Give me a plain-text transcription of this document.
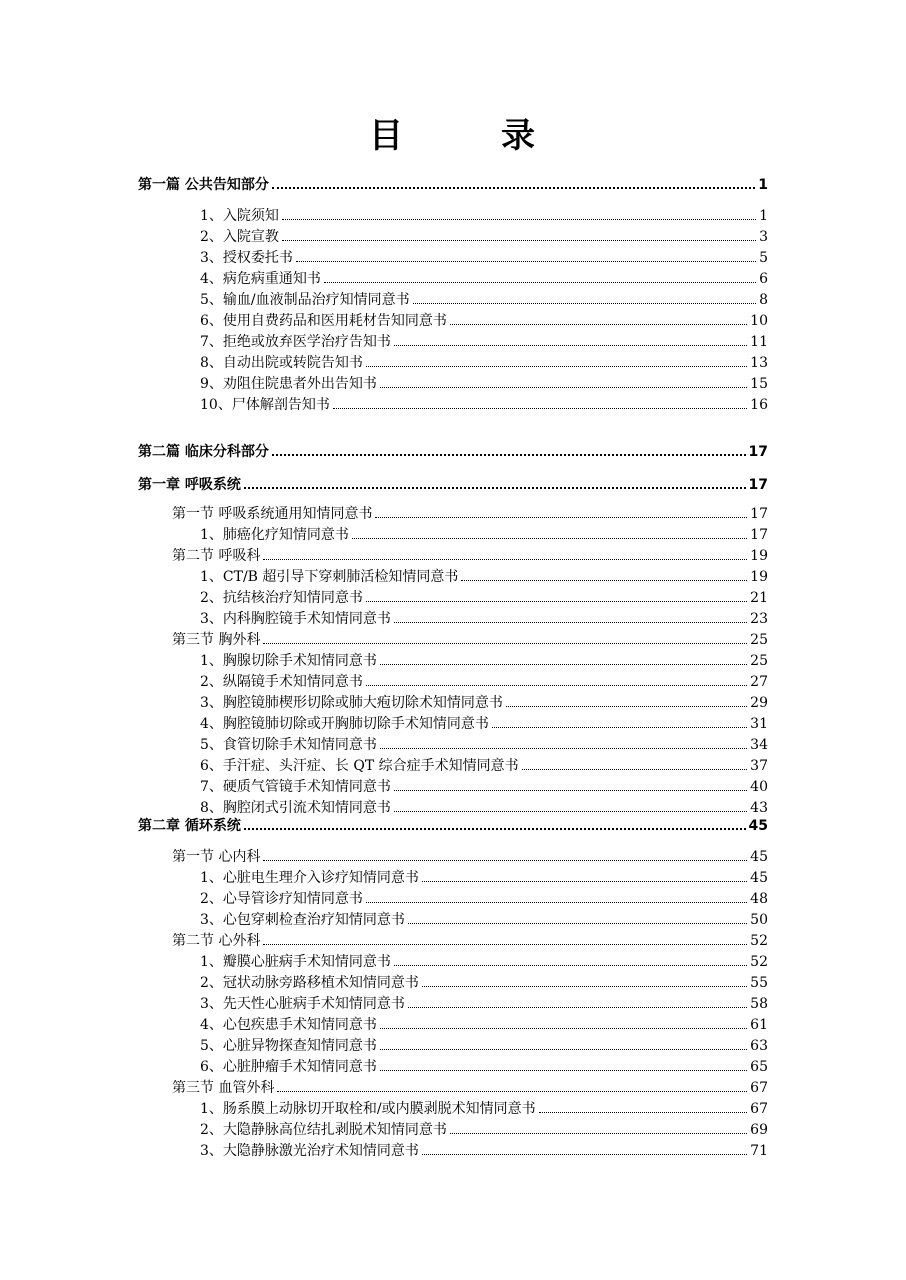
目	录
第一篇 公共告知部分	1
1、入院须知	1
2、入院宣教	3
3、授权委托书	5
4、病危病重通知书	6
5、输血/血液制品治疗知情同意书	8
6、使用自费药品和医用耗材告知同意书	10
7、拒绝或放弃医学治疗告知书	11
8、自动出院或转院告知书	13
9、劝阻住院患者外出告知书	15
10、尸体解剖告知书	16
第二篇 临床分科部分	17
第一章 呼吸系统	17
第一节 呼吸系统通用知情同意书	17
1、肺癌化疗知情同意书	17
第二节 呼吸科	19
1、CT/B 超引导下穿刺肺活检知情同意书	19
2、抗结核治疗知情同意书	21
3、内科胸腔镜手术知情同意书	23
第三节 胸外科	25
1、胸腺切除手术知情同意书	25
2、纵隔镜手术知情同意书	27
3、胸腔镜肺楔形切除或肺大疱切除术知情同意书	29
4、胸腔镜肺切除或开胸肺切除手术知情同意书	31
5、食管切除手术知情同意书	34
6、手汗症、头汗症、长 QT 综合症手术知情同意书	37
7、硬质气管镜手术知情同意书	40
8、胸腔闭式引流术知情同意书	43
第二章 循环系统	45
第一节 心内科	45
1、心脏电生理介入诊疗知情同意书	45
2、心导管诊疗知情同意书	48
3、心包穿刺检查治疗知情同意书	50
第二节 心外科	52
1、瓣膜心脏病手术知情同意书	52
2、冠状动脉旁路移植术知情同意书	55
3、先天性心脏病手术知情同意书	58
4、心包疾患手术知情同意书	61
5、心脏异物探查知情同意书	63
6、心脏肿瘤手术知情同意书	65
第三节 血管外科	67
1、肠系膜上动脉切开取栓和/或内膜剥脱术知情同意书	67
2、大隐静脉高位结扎剥脱术知情同意书	69
3、大隐静脉激光治疗术知情同意书	71
